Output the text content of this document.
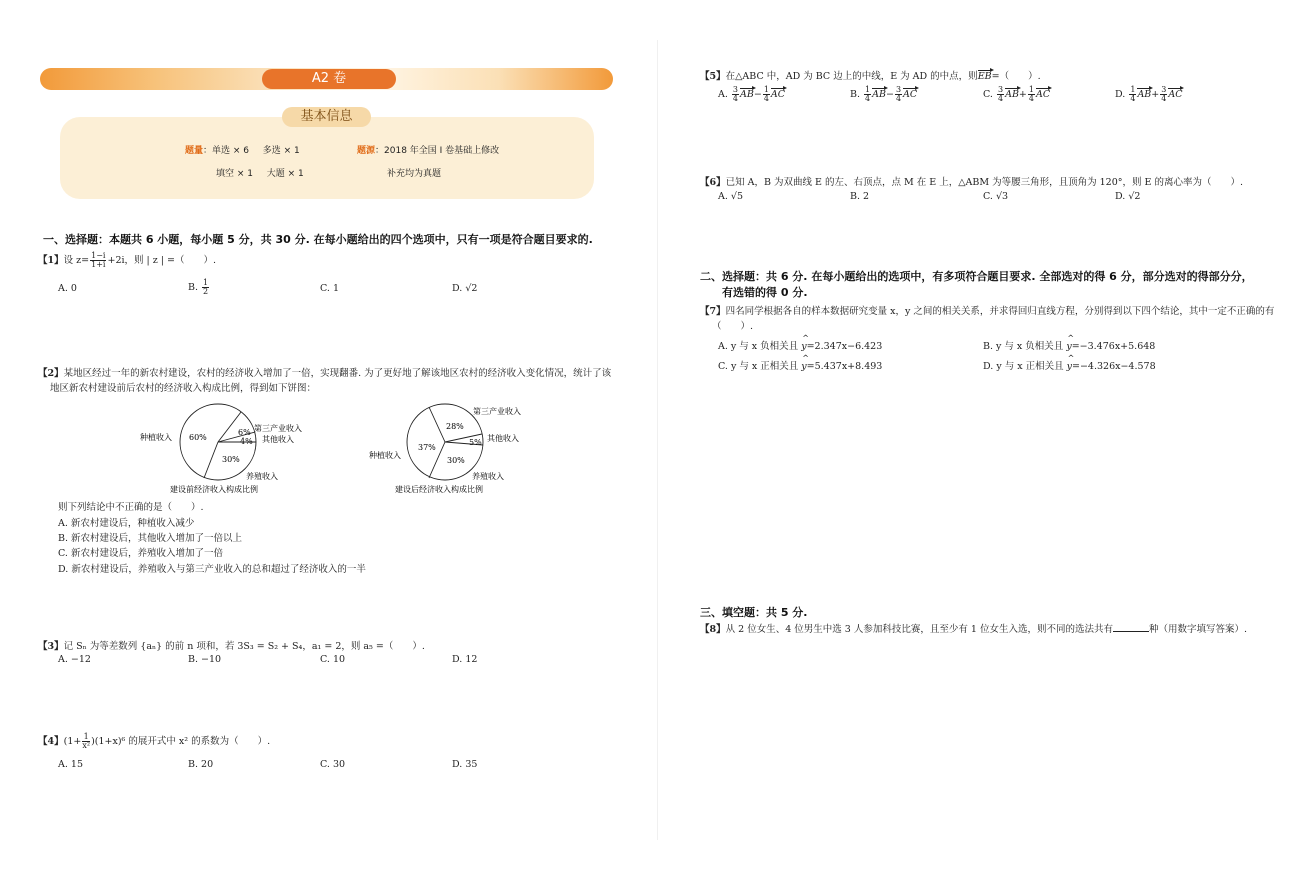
A2 卷
基本信息
题量：单选 × 6 多选 × 1	题源：2018 年全国 Ⅰ 卷基础上修改
填空 × 1 大题 × 1	补充均为真题
一、选择题：本题共 6 小题，每小题 5 分，共 30 分. 在每小题给出的四个选项中，只有一项是符合题目要求的.
【1】设 $z= \frac{1-i}{1+i} +2i$，则 | z | =（　　）.
A. 0	B. $\frac{1}{2}$	C. 1	D. √2
【2】某地区经过一年的新农村建设，农村的经济收入增加了一倍，实现翻番. 为了更好地了解该地区农村的经济收入变化情况，统计了该
地区新农村建设前后农村的经济收入构成比例，得到如下饼图：
60%
6%
4%
30%
种植收入
第三产业收入
其他收入
养殖收入
建设前经济收入构成比例
28%
5%
37%
30%
第三产业收入
其他收入
种植收入
养殖收入
建设后经济收入构成比例
则下列结论中不正确的是（　　）.
A. 新农村建设后，种植收入减少
B. 新农村建设后，其他收入增加了一倍以上
C. 新农村建设后，养殖收入增加了一倍
D. 新农村建设后，养殖收入与第三产业收入的总和超过了经济收入的一半
【3】记 Sₙ 为等差数列 {aₙ} 的前 n 项和，若 3S₃ = S₂ + S₄，a₁ = 2，则 a₅ =（　　）.
A. −12	B. −10	C. 10	D. 12
【4】$(1+ \frac{1}{\text{x²}} )(1+x)^6$ 的展开式中 x² 的系数为（　　）.
A. 15	B. 20	C. 30	D. 35
【5】在△ABC 中，AD 为 BC 边上的中线，E 为 AD 的中点，则EB=（　　）.
A. $\frac{3}{4} AB- \frac{1}{4}$ AC	B. $\frac{1}{4} AB- \frac{3}{4}$ AC	C. $\frac{3}{4} AB+ \frac{1}{4}$ AC	D. $\frac{1}{4} AB+ \frac{3}{4}$ AC
【6】已知 A，B 为双曲线 E 的左、右顶点，点 M 在 E 上，△ABM 为等腰三角形，且顶角为 120°，则 E 的离心率为（　　）.
A. √5	B. 2	C. √3	D. √2
二、选择题：共 6 分. 在每小题给出的选项中，有多项符合题目要求. 全部选对的得 6 分，部分选对的得部分分，
有选错的得 0 分.
【7】四名同学根据各自的样本数据研究变量 x，y 之间的相关关系，并求得回归直线方程，分别得到以下四个结论，其中一定不正确的有
（　　）.
A. y 与 x 负相关且 ^ y=2.347x−6.423	B. y 与 x 负相关且 ^ y=−3.476x+5.648
C. y 与 x 正相关且 ^ y=5.437x+8.493	D. y 与 x 正相关且 ^ y=−4.326x−4.578
三、填空题：共 5 分.
【8】从 2 位女生、4 位男生中选 3 人参加科技比赛，且至少有 1 位女生入选，则不同的选法共有	种（用数字填写答案）.
